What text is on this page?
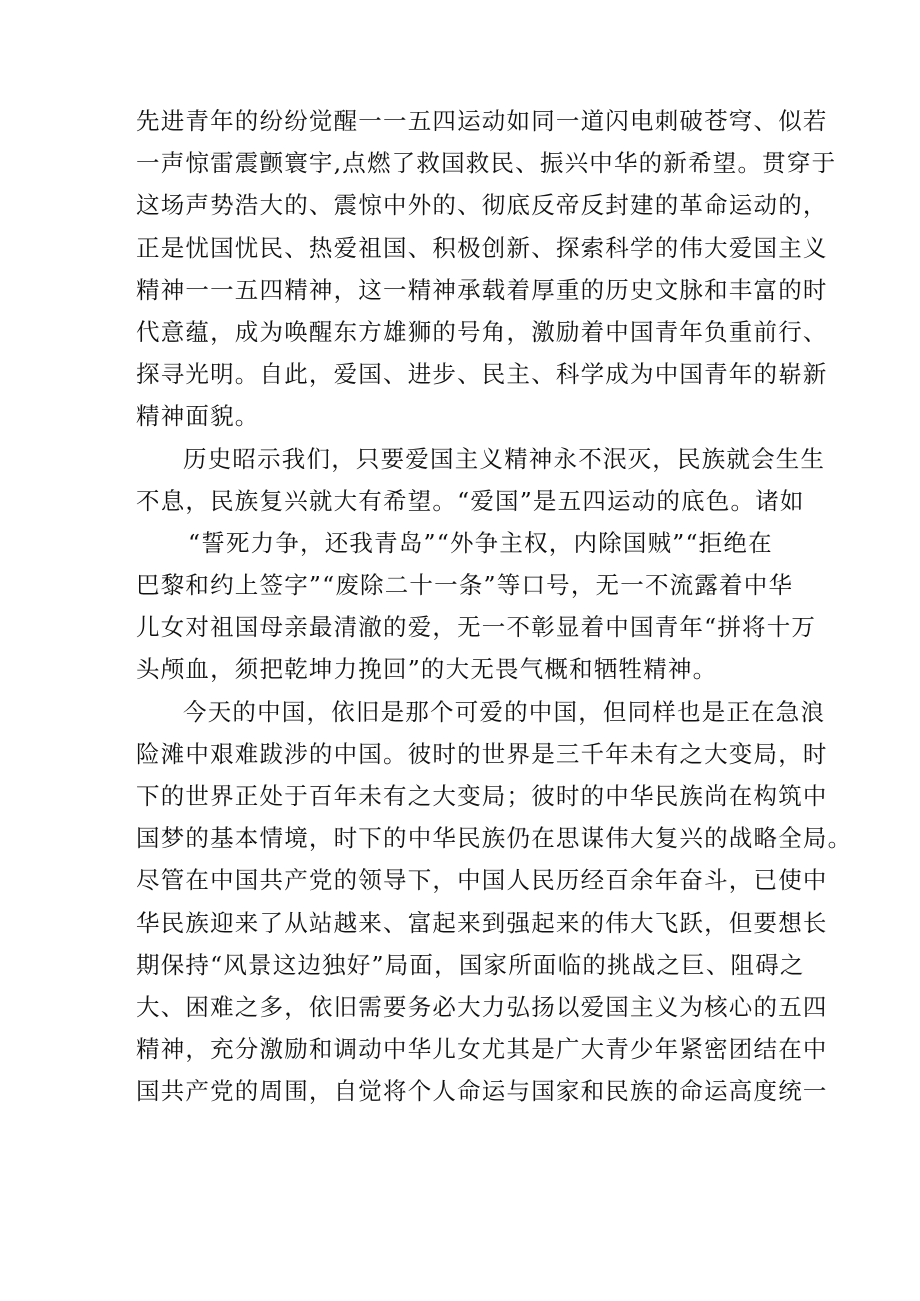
先进青年的纷纷觉醒一一五四运动如同一道闪电刺破苍穹、似若
一声惊雷震颤寰宇,点燃了救国救民、振兴中华的新希望。贯穿于
这场声势浩大的、震惊中外的、彻底反帝反封建的革命运动的，
正是忧国忧民、热爱祖国、积极创新、探索科学的伟大爱国主义
精神一一五四精神，这一精神承载着厚重的历史文脉和丰富的时
代意蕴，成为唤醒东方雄狮的号角，激励着中国青年负重前行、
探寻光明。自此，爱国、进步、民主、科学成为中国青年的崭新
精神面貌。
历史昭示我们，只要爱国主义精神永不泯灭，民族就会生生
不息，民族复兴就大有希望。“爱国”是五四运动的底色。诸如
“誓死力争，还我青岛”“外争主权，内除国贼”“拒绝在
巴黎和约上签字”“废除二十一条”等口号，无一不流露着中华
儿女对祖国母亲最清澈的爱，无一不彰显着中国青年“拼将十万
头颅血，须把乾坤力挽回”的大无畏气概和牺牲精神。
今天的中国，依旧是那个可爱的中国，但同样也是正在急浪
险滩中艰难跋涉的中国。彼时的世界是三千年未有之大变局，时
下的世界正处于百年未有之大变局；彼时的中华民族尚在构筑中
国梦的基本情境，时下的中华民族仍在思谋伟大复兴的战略全局。
尽管在中国共产党的领导下，中国人民历经百余年奋斗，已使中
华民族迎来了从站越来、富起来到强起来的伟大飞跃，但要想长
期保持“风景这边独好”局面，国家所面临的挑战之巨、阻碍之
大、困难之多，依旧需要务必大力弘扬以爱国主义为核心的五四
精神，充分激励和调动中华儿女尤其是广大青少年紧密团结在中
国共产党的周围，自觉将个人命运与国家和民族的命运高度统一
